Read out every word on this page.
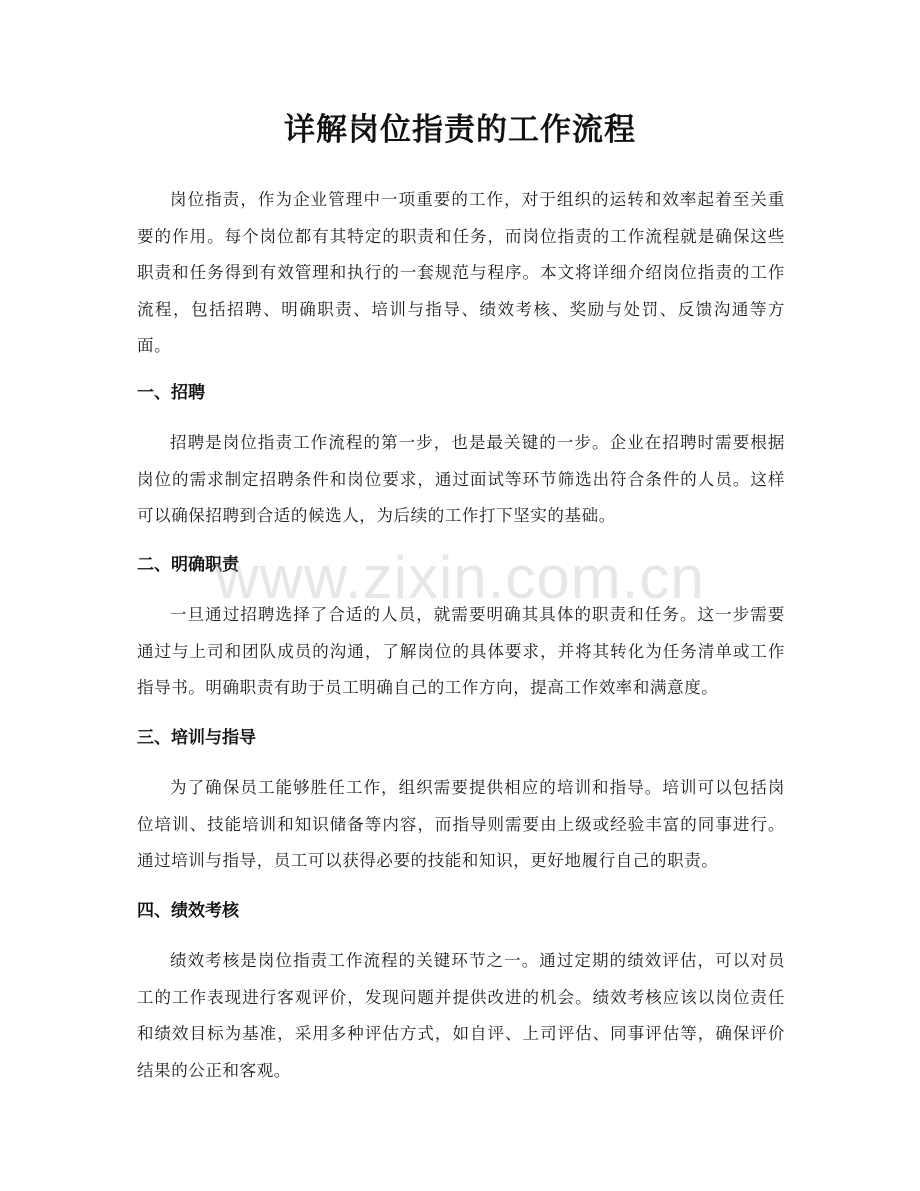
详解岗位指责的工作流程

岗位指责，作为企业管理中一项重要的工作，对于组织的运转和效率起着至关重要的作用。每个岗位都有其特定的职责和任务，而岗位指责的工作流程就是确保这些职责和任务得到有效管理和执行的一套规范与程序。本文将详细介绍岗位指责的工作流程，包括招聘、明确职责、培训与指导、绩效考核、奖励与处罚、反馈沟通等方面。

一、招聘

招聘是岗位指责工作流程的第一步，也是最关键的一步。企业在招聘时需要根据岗位的需求制定招聘条件和岗位要求，通过面试等环节筛选出符合条件的人员。这样可以确保招聘到合适的候选人，为后续的工作打下坚实的基础。

二、明确职责

一旦通过招聘选择了合适的人员，就需要明确其具体的职责和任务。这一步需要通过与上司和团队成员的沟通，了解岗位的具体要求，并将其转化为任务清单或工作指导书。明确职责有助于员工明确自己的工作方向，提高工作效率和满意度。

三、培训与指导

为了确保员工能够胜任工作，组织需要提供相应的培训和指导。培训可以包括岗位培训、技能培训和知识储备等内容，而指导则需要由上级或经验丰富的同事进行。通过培训与指导，员工可以获得必要的技能和知识，更好地履行自己的职责。

四、绩效考核

绩效考核是岗位指责工作流程的关键环节之一。通过定期的绩效评估，可以对员工的工作表现进行客观评价，发现问题并提供改进的机会。绩效考核应该以岗位责任和绩效目标为基准，采用多种评估方式，如自评、上司评估、同事评估等，确保评价结果的公正和客观。

www.zixin.com.cn
